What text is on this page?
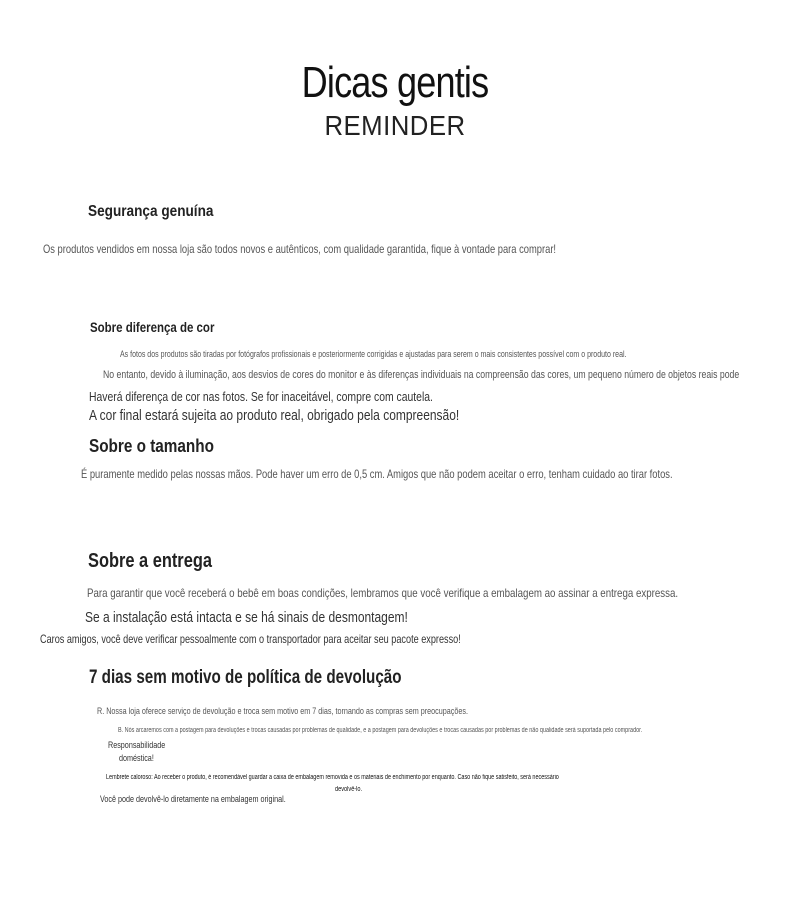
Dicas gentis
REMINDER
Segurança genuína
Os produtos vendidos em nossa loja são todos novos e autênticos, com qualidade garantida, fique à vontade para comprar!
Sobre diferença de cor
As fotos dos produtos são tiradas por fotógrafos profissionais e posteriormente corrigidas e ajustadas para serem o mais consistentes possível com o produto real.
No entanto, devido à iluminação, aos desvios de cores do monitor e às diferenças individuais na compreensão das cores, um pequeno número de objetos reais pode
Haverá diferença de cor nas fotos. Se for inaceitável, compre com cautela.
A cor final estará sujeita ao produto real, obrigado pela compreensão!
Sobre o tamanho
É puramente medido pelas nossas mãos. Pode haver um erro de 0,5 cm. Amigos que não podem aceitar o erro, tenham cuidado ao tirar fotos.
Sobre a entrega
Para garantir que você receberá o bebê em boas condições, lembramos que você verifique a embalagem ao assinar a entrega expressa.
Se a instalação está intacta e se há sinais de desmontagem!
Caros amigos, você deve verificar pessoalmente com o transportador para aceitar seu pacote expresso!
7 dias sem motivo de política de devolução
R. Nossa loja oferece serviço de devolução e troca sem motivo em 7 dias, tornando as compras sem preocupações.
B. Nós arcaremos com a postagem para devoluções e trocas causadas por problemas de qualidade, e a postagem para devoluções e trocas causadas por problemas de não qualidade será suportada pelo comprador.
Responsabilidade
doméstica!
Lembrete caloroso: Ao receber o produto, é recomendável guardar a caixa de embalagem removida e os materiais de enchimento por enquanto. Caso não fique satisfeito, será necessário
devolvê-lo.
Você pode devolvê-lo diretamente na embalagem original.
